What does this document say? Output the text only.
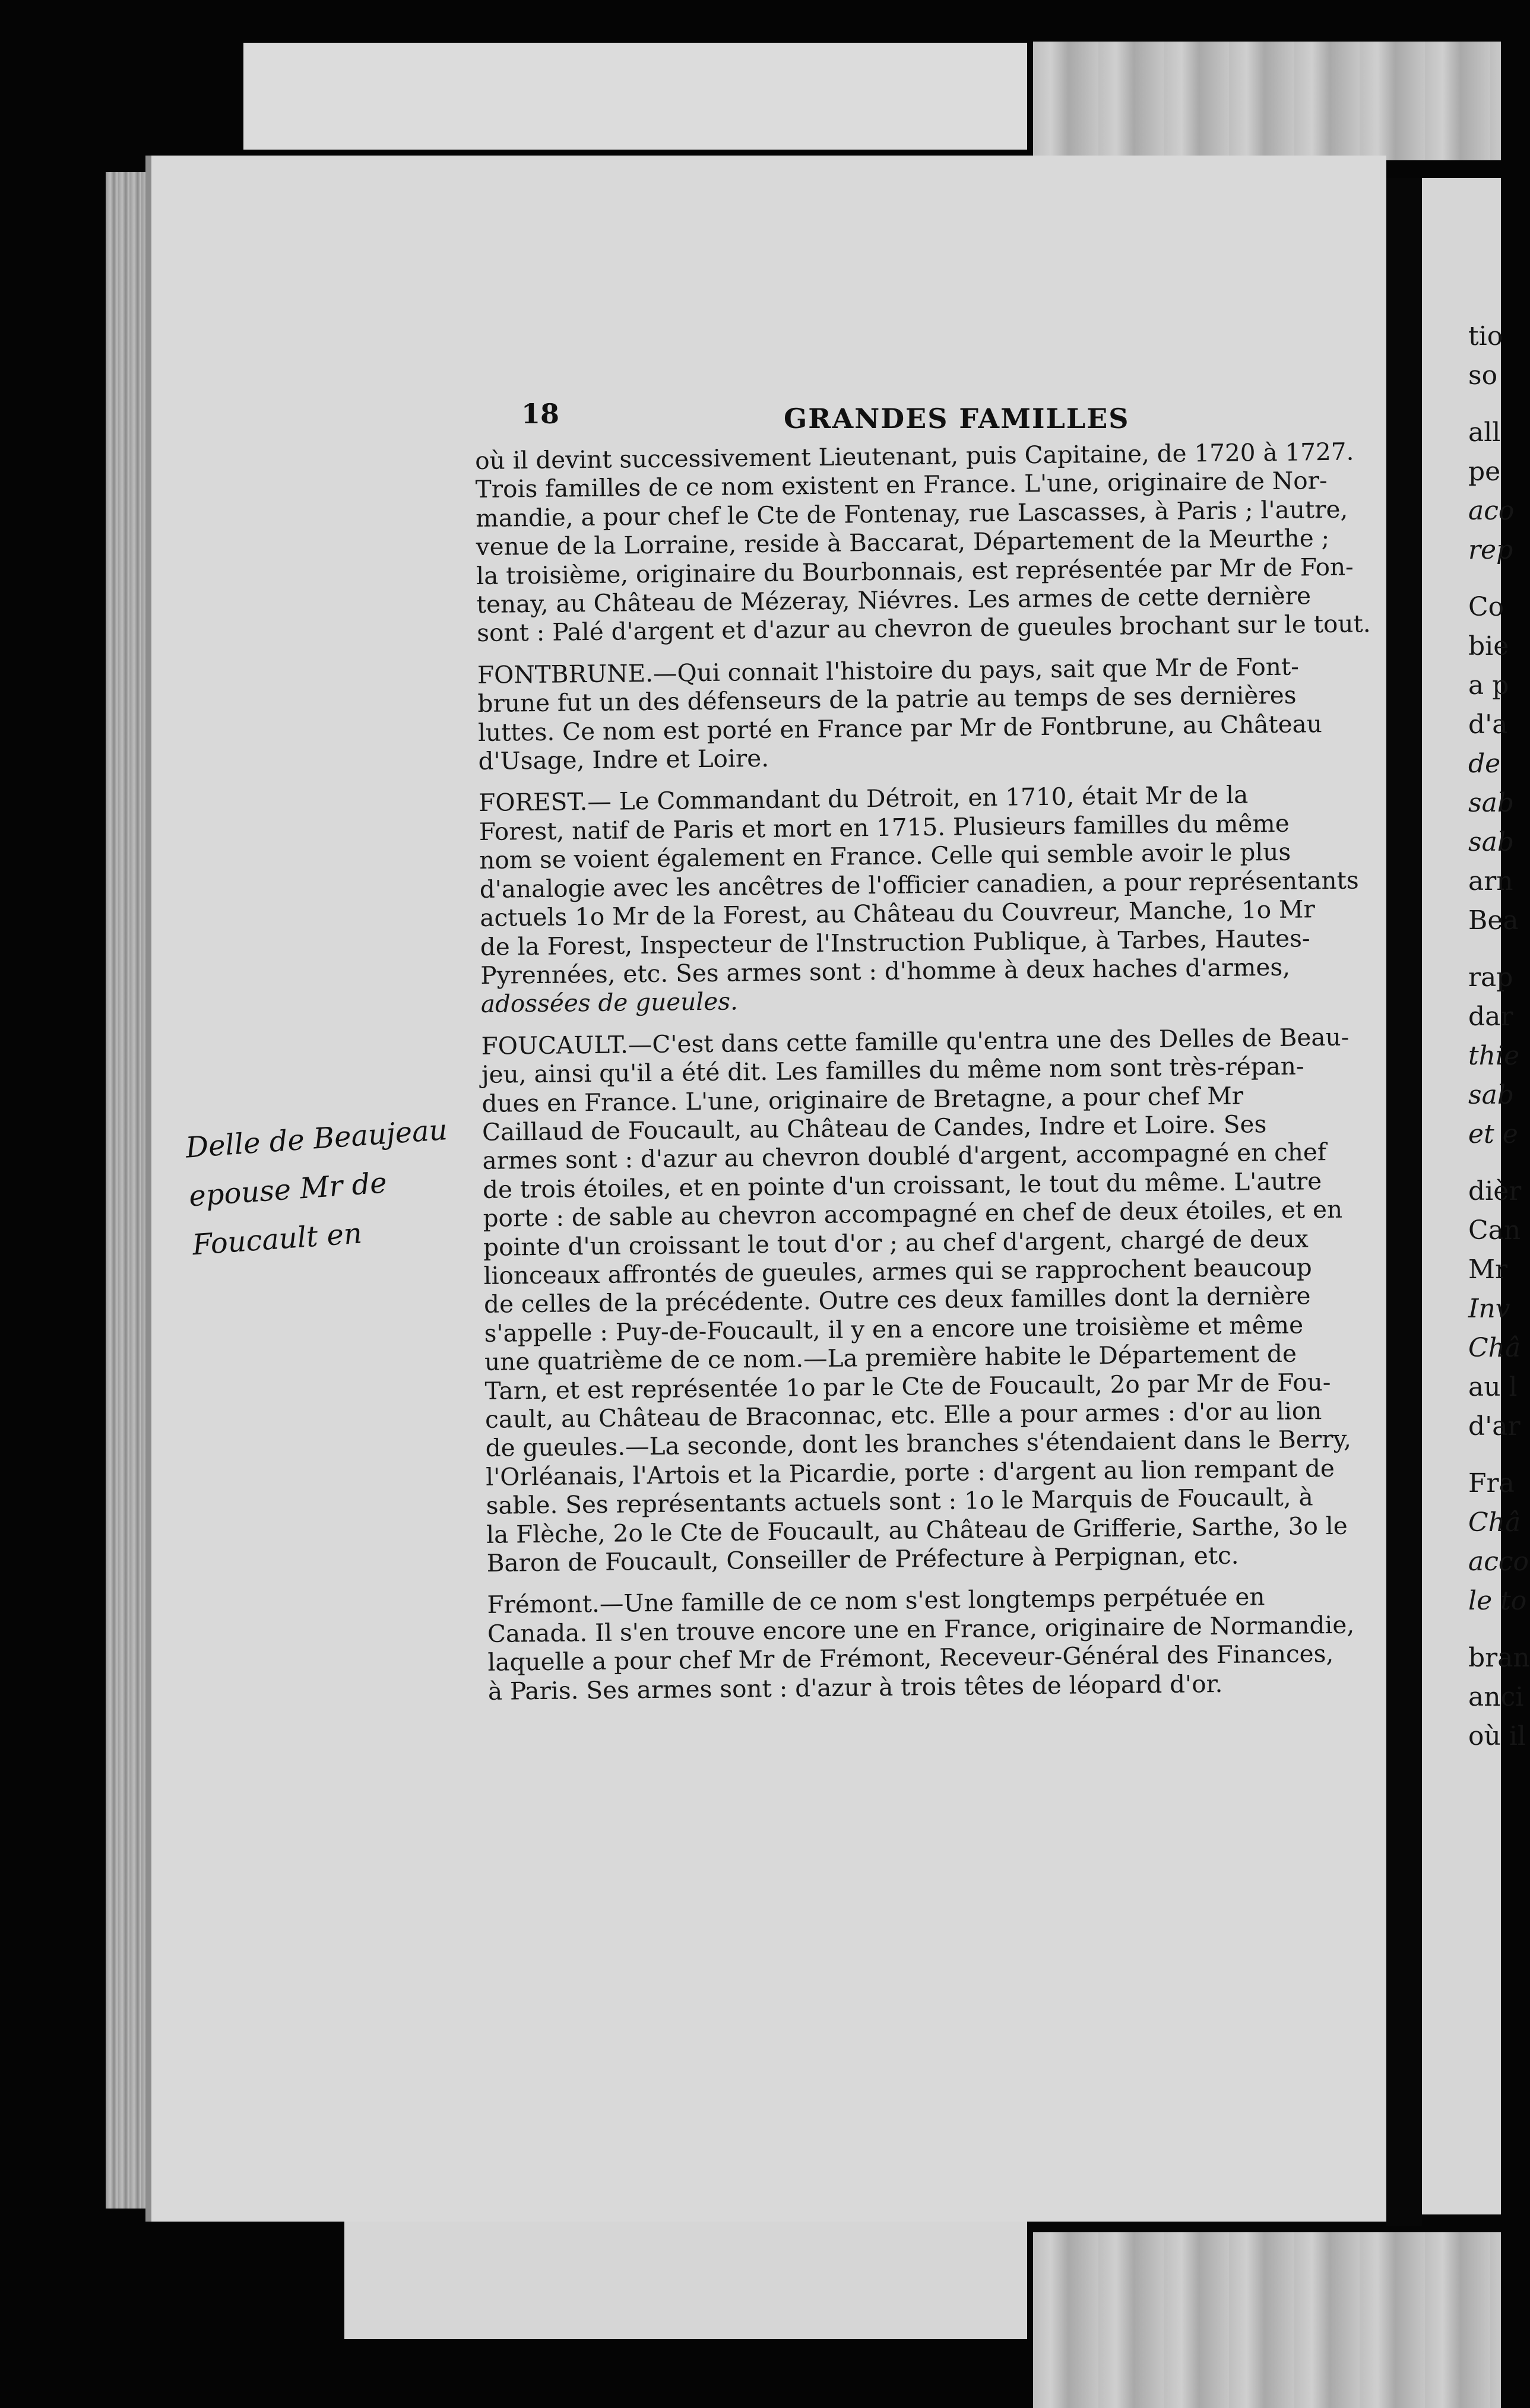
18	GRANDES FAMILLES
où il devint successivement Lieutenant, puis Capitaine, de 1720 à 1727.
Trois familles de ce nom existent en France. L'une, originaire de Nor-
mandie, a pour chef le Cte de Fontenay, rue Lascasses, à Paris ; l'autre,
venue de la Lorraine, reside à Baccarat, Département de la Meurthe ;
la troisième, originaire du Bourbonnais, est représentée par Mr de Fon-
tenay, au Château de Mézeray, Niévres. Les armes de cette dernière
sont : Palé d'argent et d'azur au chevron de gueules brochant sur le tout.
FONTBRUNE.—Qui connait l'histoire du pays, sait que Mr de Font-
brune fut un des défenseurs de la patrie au temps de ses dernières
luttes. Ce nom est porté en France par Mr de Fontbrune, au Château
d'Usage, Indre et Loire.
FOREST.— Le Commandant du Détroit, en 1710, était Mr de la
Forest, natif de Paris et mort en 1715. Plusieurs familles du même
nom se voient également en France. Celle qui semble avoir le plus
d'analogie avec les ancêtres de l'officier canadien, a pour représentants
actuels 1o Mr de la Forest, au Château du Couvreur, Manche, 1o Mr
de la Forest, Inspecteur de l'Instruction Publique, à Tarbes, Hautes-
Pyrennées, etc. Ses armes sont : d'homme à deux haches d'armes,
adossées de gueules.
FOUCAULT.—C'est dans cette famille qu'entra une des Delles de Beau-
jeu, ainsi qu'il a été dit. Les familles du même nom sont très-répan-
dues en France. L'une, originaire de Bretagne, a pour chef Mr
Caillaud de Foucault, au Château de Candes, Indre et Loire. Ses
armes sont : d'azur au chevron doublé d'argent, accompagné en chef
de trois étoiles, et en pointe d'un croissant, le tout du même. L'autre
porte : de sable au chevron accompagné en chef de deux étoiles, et en
pointe d'un croissant le tout d'or ; au chef d'argent, chargé de deux
lionceaux affrontés de gueules, armes qui se rapprochent beaucoup
de celles de la précédente. Outre ces deux familles dont la dernière
s'appelle : Puy-de-Foucault, il y en a encore une troisième et même
une quatrième de ce nom.—La première habite le Département de
Tarn, et est représentée 1o par le Cte de Foucault, 2o par Mr de Fou-
cault, au Château de Braconnac, etc. Elle a pour armes : d'or au lion
de gueules.—La seconde, dont les branches s'étendaient dans le Berry,
l'Orléanais, l'Artois et la Picardie, porte : d'argent au lion rempant de
sable. Ses représentants actuels sont : 1o le Marquis de Foucault, à
la Flèche, 2o le Cte de Foucault, au Château de Grifferie, Sarthe, 3o le
Baron de Foucault, Conseiller de Préfecture à Perpignan, etc.
Frémont.—Une famille de ce nom s'est longtemps perpétuée en
Canada. Il s'en trouve encore une en France, originaire de Normandie,
laquelle a pour chef Mr de Frémont, Receveur-Général des Finances,
à Paris. Ses armes sont : d'azur à trois têtes de léopard d'or.
Delle de Beaujeau
epouse Mr de
Foucault en
tio
so
all
pe
aco
rep
Co
bie
a p
d'a
de
sab
sab
arn
Bea
rap
dar
thie
sab
et e
dièr
Can
Mr
Inv
Châ
au l
d'ar
Fra
Châ
acco
le to
bran
anci
où il
